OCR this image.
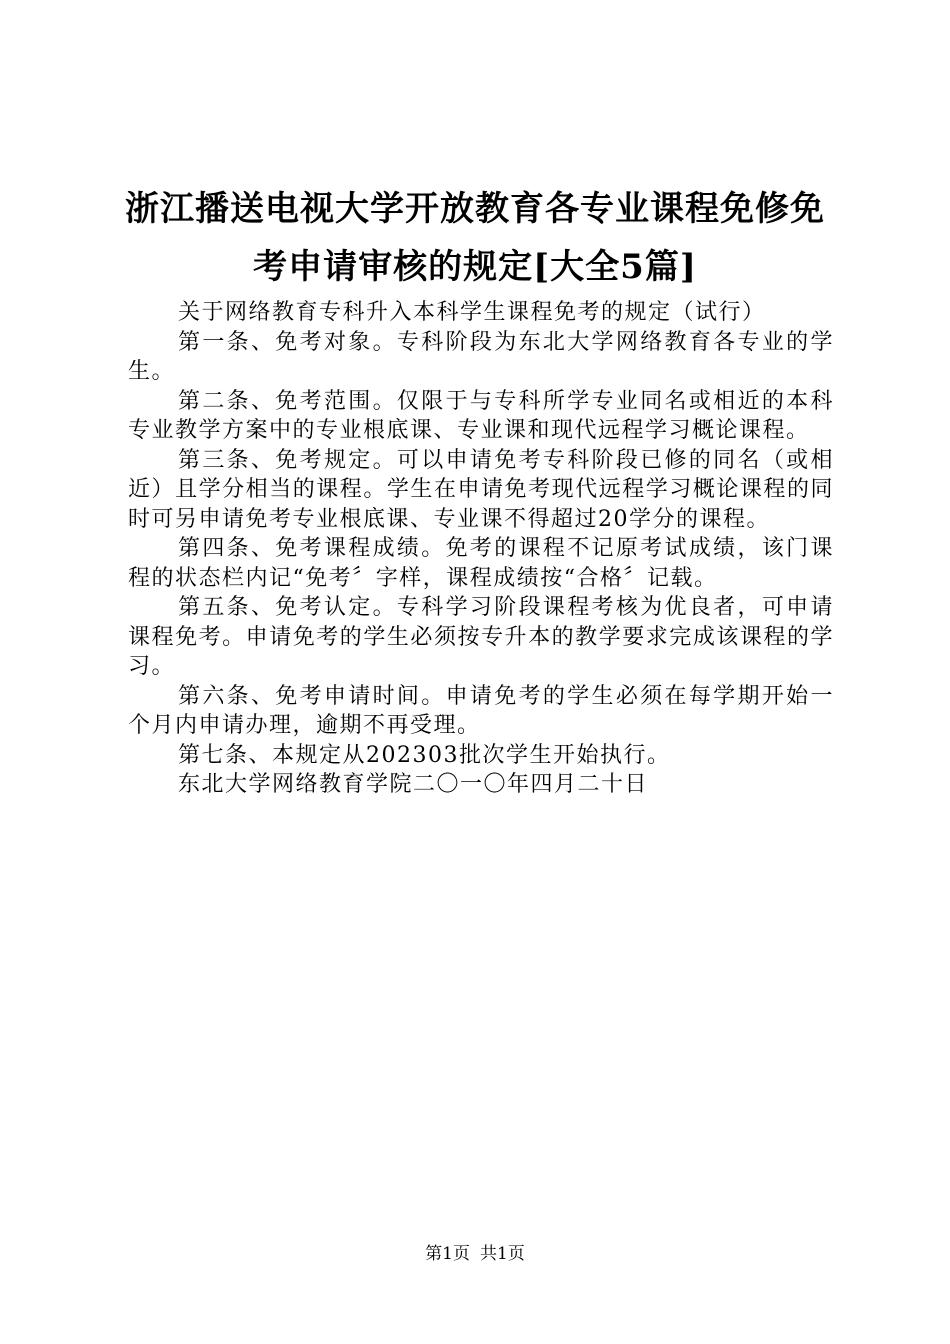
浙江播送电视大学开放教育各专业课程免修免
考申请审核的规定[大全5篇]

关于网络教育专科升入本科学生课程免考的规定（试行）

第一条、免考对象。专科阶段为东北大学网络教育各专业的学生。

第二条、免考范围。仅限于与专科所学专业同名或相近的本科专业教学方案中的专业根底课、专业课和现代远程学习概论课程。

第三条、免考规定。可以申请免考专科阶段已修的同名（或相近）且学分相当的课程。学生在申请免考现代远程学习概论课程的同时可另申请免考专业根底课、专业课不得超过20学分的课程。

第四条、免考课程成绩。免考的课程不记原考试成绩，该门课程的状态栏内记“免考〞字样，课程成绩按“合格〞记载。

第五条、免考认定。专科学习阶段课程考核为优良者，可申请课程免考。申请免考的学生必须按专升本的教学要求完成该课程的学习。

第六条、免考申请时间。申请免考的学生必须在每学期开始一个月内申请办理，逾期不再受理。

第七条、本规定从202303批次学生开始执行。

东北大学网络教育学院二〇一〇年四月二十日

第1页 共1页
